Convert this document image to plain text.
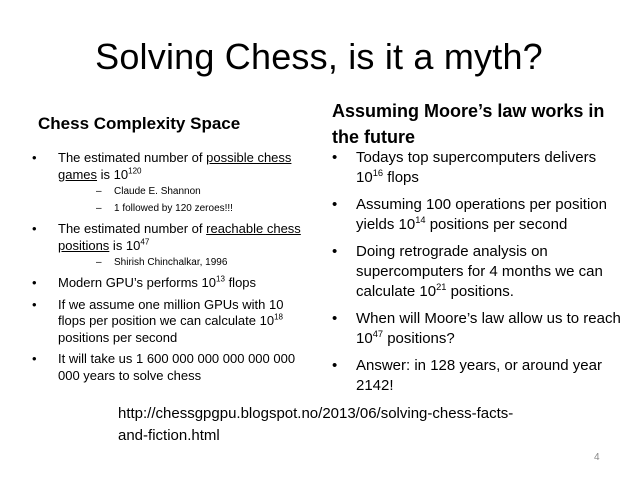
Solving Chess, is it a myth?
Chess Complexity Space
• The estimated number of possible chess games is $10^{120}$
– Claude E. Shannon
– 1 followed by 120 zeroes!!!
• The estimated number of reachable chess positions is $10^{47}$
– Shirish Chinchalkar, 1996
• Modern GPU’s performs $10^{13}$ flops
• If we assume one million GPUs with 10 flops per position we can calculate $10^{18}$ positions per second
• It will take us 1 600 000 000 000 000 000 000 years to solve chess
Assuming Moore’s law works in the future
• Todays top supercomputers delivers $10^{16}$ flops
• Assuming 100 operations per position yields $10^{14}$ positions per second
• Doing retrograde analysis on supercomputers for 4 months we can calculate $10^{21}$ positions.
• When will Moore’s law allow us to reach $10^{47}$ positions?
• Answer: in 128 years, or around year 2142!
http://chessgpgpu.blogspot.no/2013/06/solving-chess-facts-and-fiction.html
4
